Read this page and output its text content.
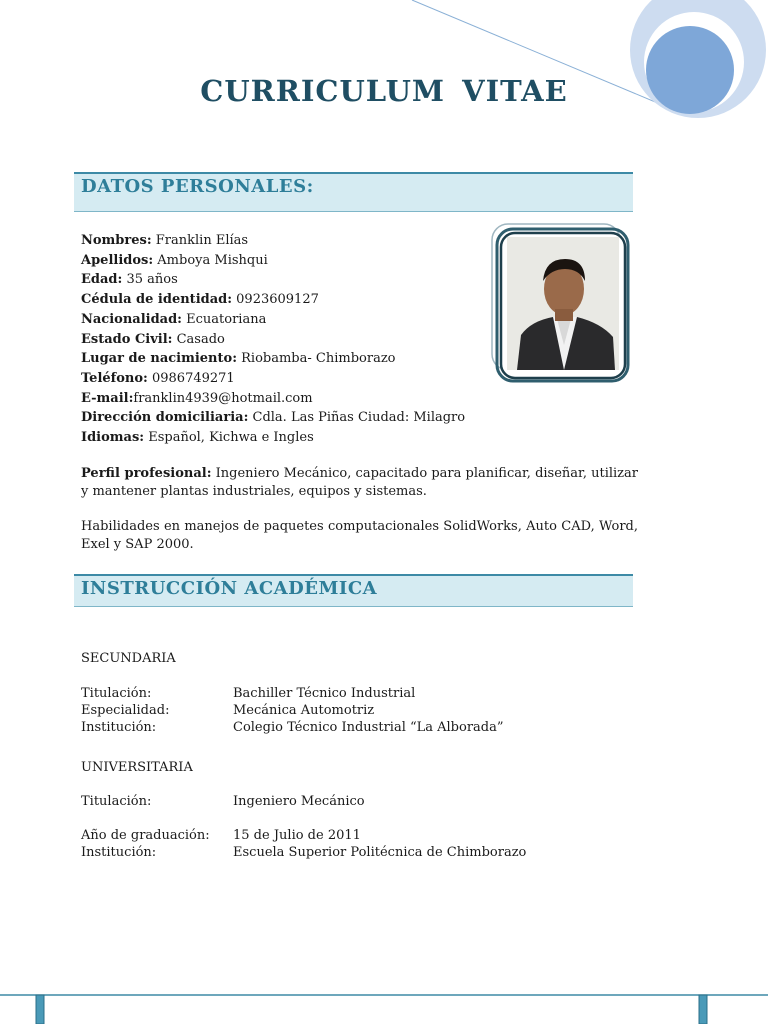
CURRICULUM VITAE
DATOS PERSONALES:
Nombres: Franklin Elías
Apellidos: Amboya Mishqui
Edad: 35 años
Cédula de identidad: 0923609127
Nacionalidad: Ecuatoriana
Estado Civil: Casado
Lugar de nacimiento: Riobamba- Chimborazo
Teléfono: 0986749271
E-mail:franklin4939@hotmail.com
Dirección domiciliaria: Cdla. Las Piñas Ciudad: Milagro
Idiomas: Español, Kichwa e Ingles
Perfil profesional: Ingeniero Mecánico, capacitado para planificar, diseñar, utilizar y mantener plantas industriales, equipos y sistemas.
Habilidades en manejos de paquetes computacionales SolidWorks, Auto CAD, Word, Exel y SAP 2000.
INSTRUCCIÓN ACADÉMICA
SECUNDARIA
Titulación:	Bachiller Técnico Industrial
Especialidad:	Mecánica Automotriz
Institución:	Colegio Técnico Industrial “La Alborada”
UNIVERSITARIA
Titulación:	Ingeniero Mecánico
Año de graduación: 15 de Julio de 2011
Institución:	Escuela Superior Politécnica de Chimborazo
